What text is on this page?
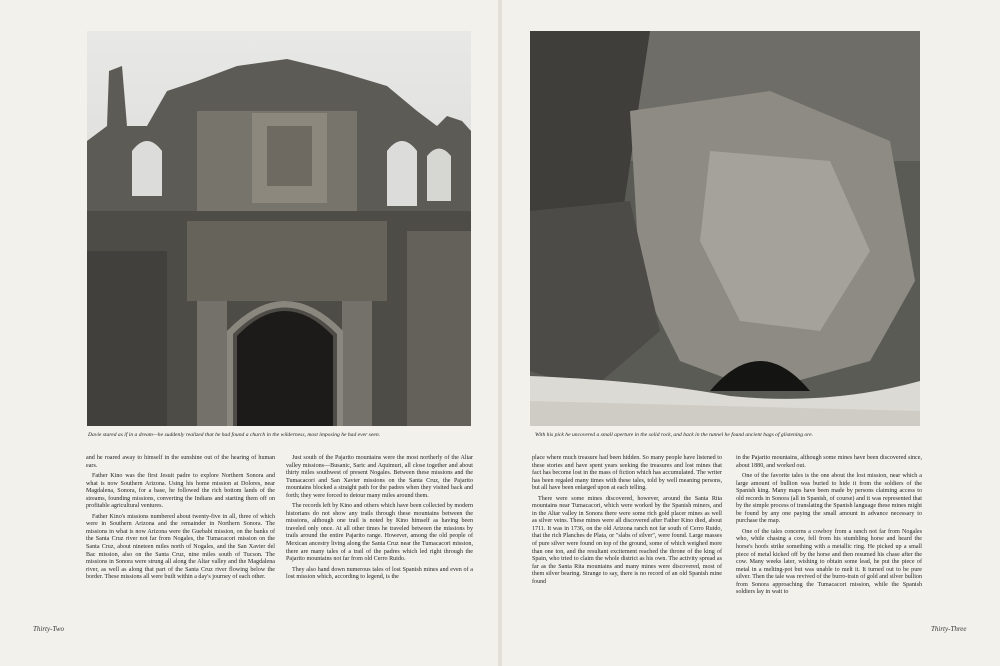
Davie stared as if in a dream—he suddenly realized that he had found a church in the wilderness, most imposing he had ever seen.

and he roared away to himself in the sunshine out of the hearing of human ears.

Father Kino was the first Jesuit padre to explore Northern Sonora and what is now Southern Arizona. Using his home mission at Dolores, near Magdalena, Sonora, for a base, he followed the rich bottom lands of the streams, founding missions, converting the Indians and starting them off on profitable agricultural ventures.

Father Kino's missions numbered about twenty-five in all, three of which were in Southern Arizona and the remainder in Northern Sonora. The missions in what is now Arizona were the Guebabi mission, on the banks of the Santa Cruz river not far from Nogales, the Tumacacori mission on the Santa Cruz, about nineteen miles north of Nogales, and the San Xavier del Bac mission, also on the Santa Cruz, nine miles south of Tucson. The missions in Sonora were strung all along the Altar valley and the Magdalena river, as well as along that part of the Santa Cruz river flowing below the border. These missions all were built within a day's journey of each other.

Just south of the Pajarito mountains were the most northerly of the Altar valley missions—Busanic, Saric and Aquimuri, all close together and about thirty miles southwest of present Nogales. Between these missions and the Tumacacori and San Xavier missions on the Santa Cruz, the Pajarito mountains blocked a straight path for the padres when they visited back and forth; they were forced to detour many miles around them.

The records left by Kino and others which have been collected by modern historians do not show any trails through these mountains between the missions, although one trail is noted by Kino himself as having been traveled only once. At all other times he traveled between the missions by trails around the entire Pajarito range. However, among the old people of Mexican ancestry living along the Santa Cruz near the Tumacacori mission, there are many tales of a trail of the padres which led right through the Pajarito mountains not far from old Cerro Ruido.

They also hand down numerous tales of lost Spanish mines and even of a lost mission which, according to legend, is the

Thirty-Two
With his pick he uncovered a small aperture in the solid rock, and back in the tunnel he found ancient bags of glistening ore.

place where much treasure had been hidden. So many people have listened to these stories and have spent years seeking the treasures and lost mines that fact has become lost in the mass of fiction which has accumulated. The writer has been regaled many times with these tales, told by well meaning persons, but all have been enlarged upon at each telling.

There were some mines discovered, however, around the Santa Rita mountains near Tumacacori, which were worked by the Spanish miners, and in the Altar valley in Sonora there were some rich gold placer mines as well as silver veins. These mines were all discovered after Father Kino died, about 1711. It was in 1736, on the old Arizona ranch not far south of Cerro Ruido, that the rich Planches de Plata, or "slabs of silver", were found. Large masses of pure silver were found on top of the ground, some of which weighed more than one ton, and the resultant excitement reached the throne of the king of Spain, who tried to claim the whole district as his own. The activity spread as far as the Santa Rita mountains and many mines were discovered, most of them silver bearing. Strange to say, there is no record of an old Spanish mine found

in the Pajarito mountains, although some mines have been discovered since, about 1880, and worked out.

One of the favorite tales is the one about the lost mission, near which a large amount of bullion was buried to hide it from the soldiers of the Spanish king. Many maps have been made by persons claiming access to old records in Sonora (all in Spanish, of course) and it was represented that by the simple process of translating the Spanish language these mines might be found by any one paying the small amount in advance necessary to purchase the map.

One of the tales concerns a cowboy from a ranch not far from Nogales who, while chasing a cow, fell from his stumbling horse and heard the horse's hoofs strike something with a metallic ring. He picked up a small piece of metal kicked off by the horse and then resumed his chase after the cow. Many weeks later, wishing to obtain some lead, he put the piece of metal in a melting-pot but was unable to melt it. It turned out to be pure silver. Then the tale was revived of the burro-train of gold and silver bullion from Sonora approaching the Tumacacori mission, while the Spanish soldiers lay in wait to

Thirty-Three
